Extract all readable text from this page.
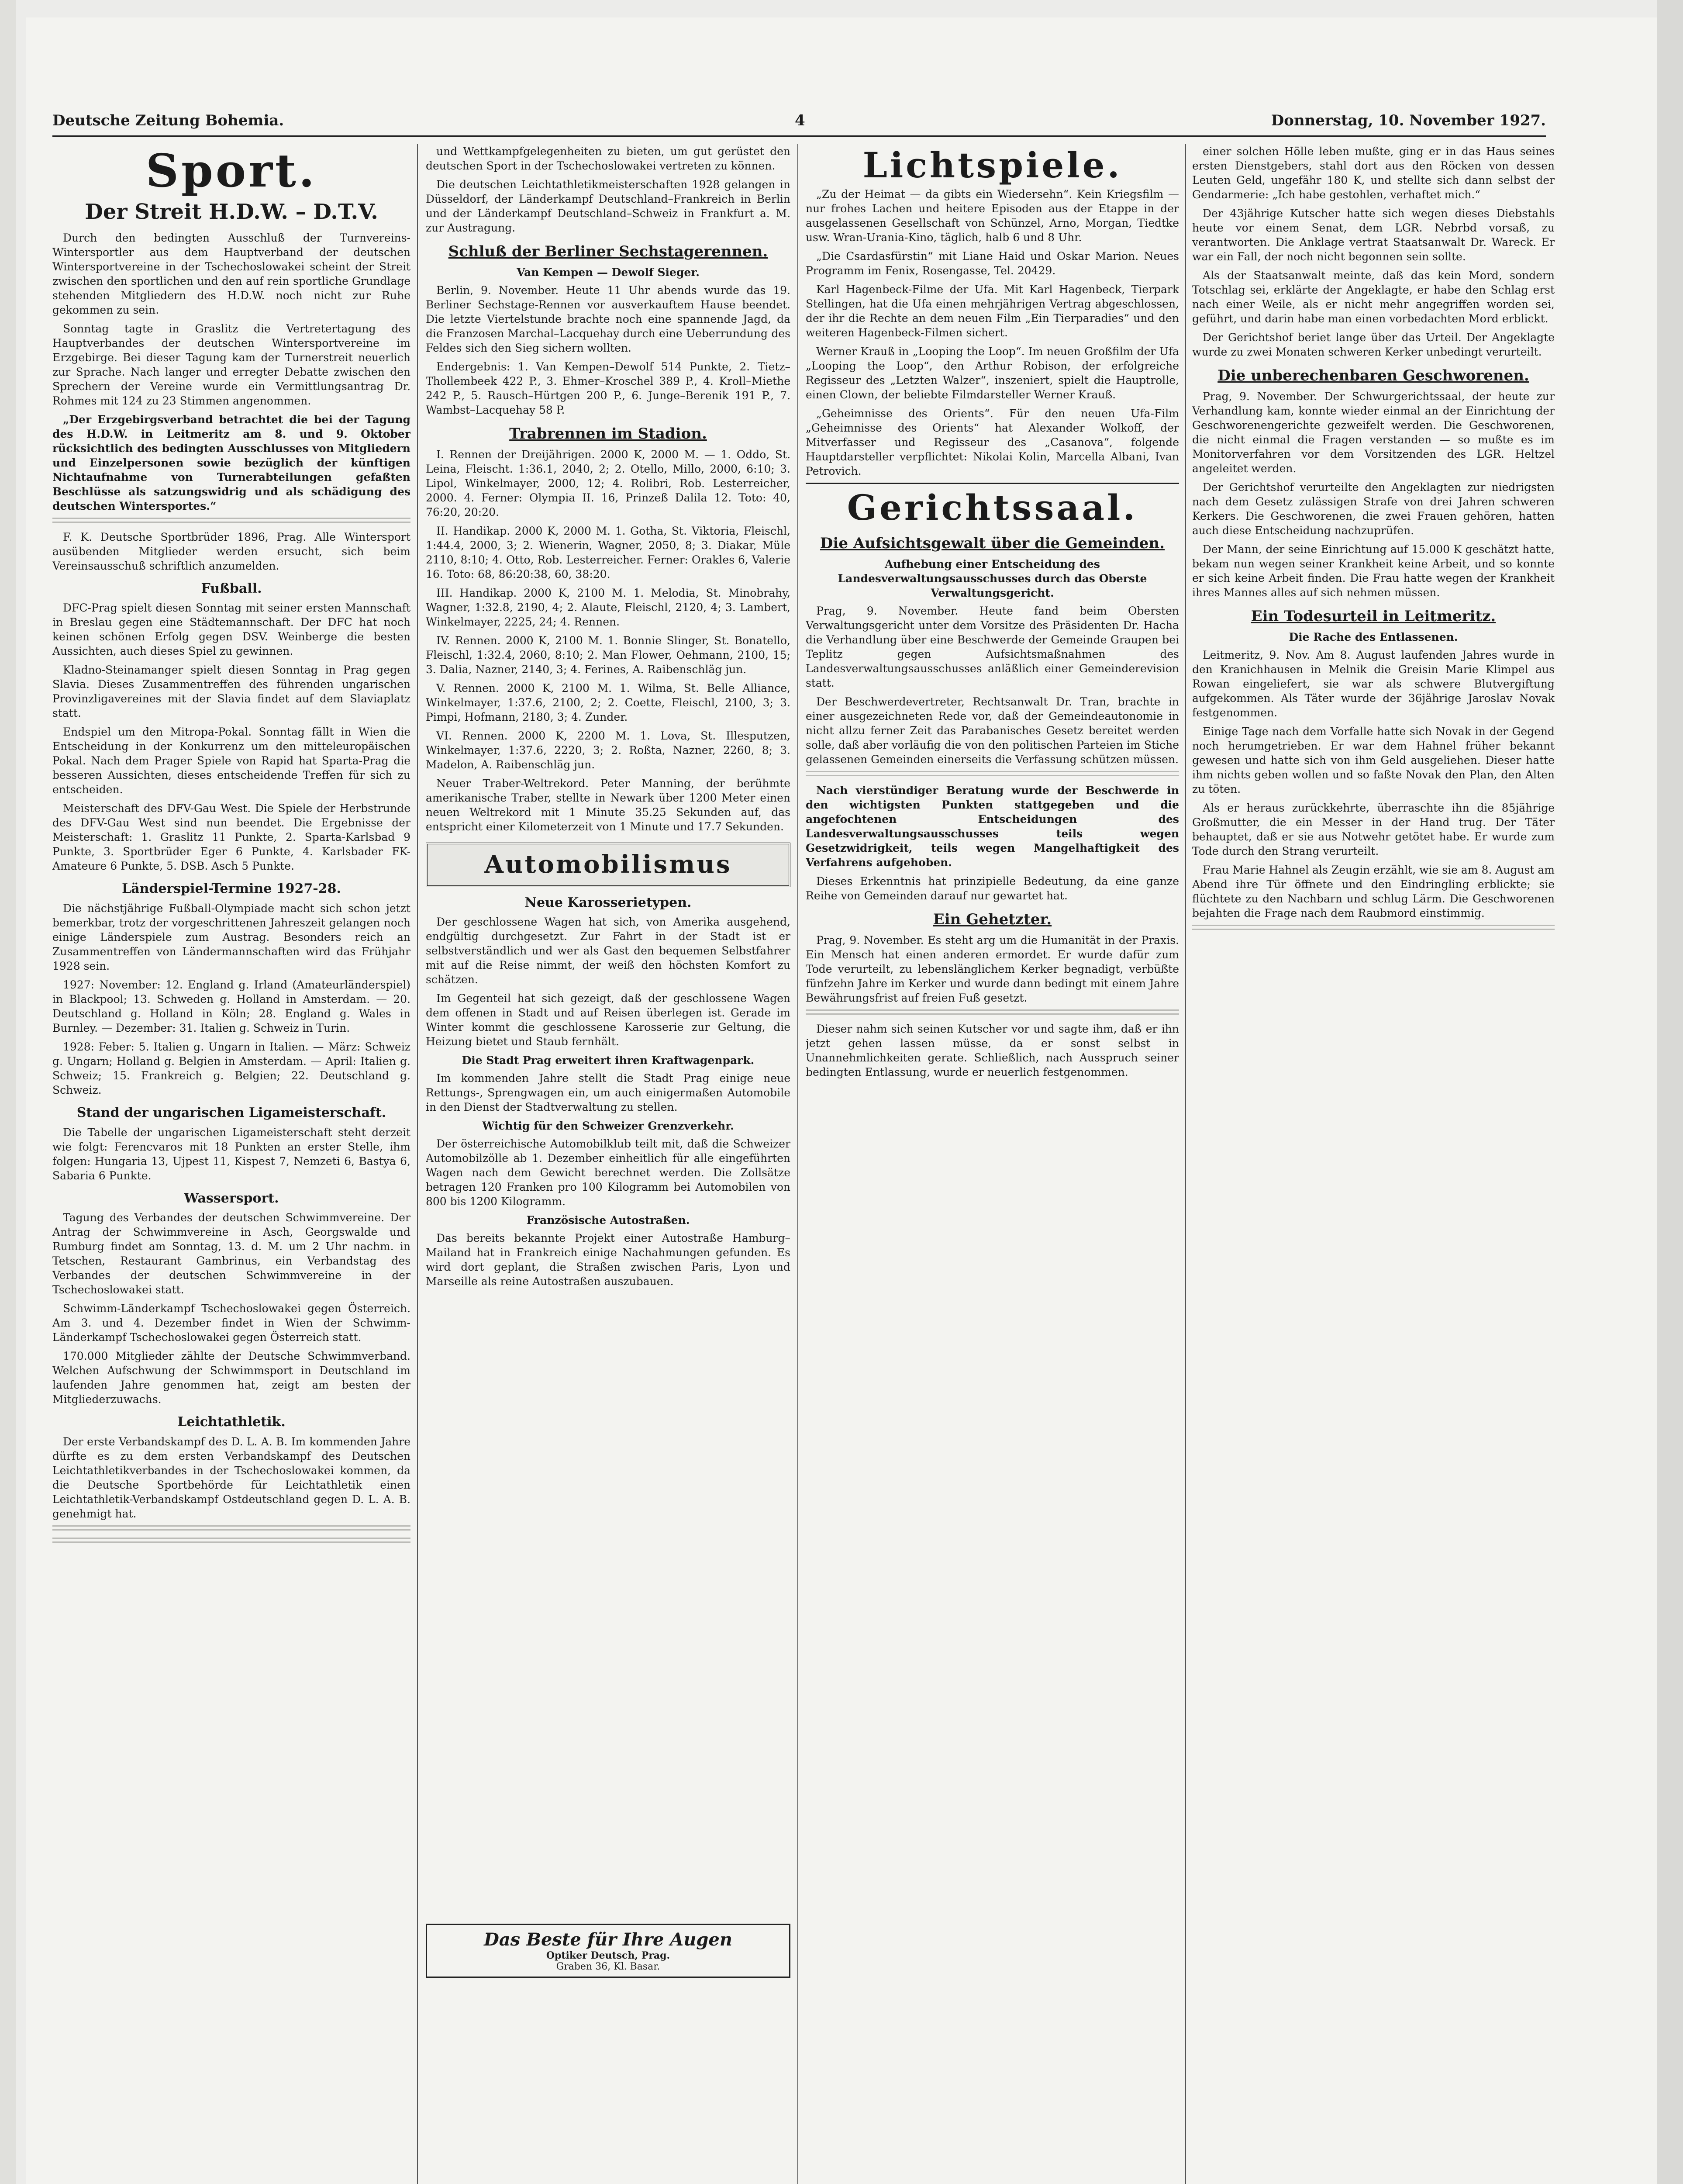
Deutsche Zeitung Bohemia.	4	Donnerstag, 10. November 1927.
Sport.
Der Streit H.D.W. – D.T.V.

Durch den bedingten Ausschluß der Turnvereins-Wintersportler aus dem Hauptverband der deutschen Wintersportvereine in der Tschechoslowakei scheint der Streit zwischen den sportlichen und den auf rein sportliche Grundlage stehenden Mitgliedern des H.D.W. noch nicht zur Ruhe gekommen zu sein.

Sonntag tagte in Graslitz die Vertretertagung des Hauptverbandes der deutschen Wintersportvereine im Erzgebirge. Bei dieser Tagung kam der Turnerstreit neuerlich zur Sprache. Nach langer und erregter Debatte zwischen den Sprechern der Vereine wurde ein Vermittlungsantrag Dr. Rohmes mit 124 zu 23 Stimmen angenommen.

„Der Erzgebirgsverband betrachtet die bei der Tagung des H.D.W. in Leitmeritz am 8. und 9. Oktober rücksichtlich des bedingten Ausschlusses von Mitgliedern und Einzelpersonen sowie bezüglich der künftigen Nichtaufnahme von Turnerabteilungen gefaßten Beschlüsse als satzungswidrig und als schädigung des deutschen Wintersportes.“

F. K. Deutsche Sportbrüder 1896, Prag. Alle Wintersport ausübenden Mitglieder werden ersucht, sich beim Vereinsausschuß schriftlich anzumelden.

Fußball.

DFC-Prag spielt diesen Sonntag mit seiner ersten Mannschaft in Breslau gegen eine Städtemannschaft. Der DFC hat noch keinen schönen Erfolg gegen DSV. Weinberge die besten Aussichten, auch dieses Spiel zu gewinnen.

Kladno-Steinamanger spielt diesen Sonntag in Prag gegen Slavia. Dieses Zusammentreffen des führenden ungarischen Provinzligavereines mit der Slavia findet auf dem Slaviaplatz statt.

Endspiel um den Mitropa-Pokal. Sonntag fällt in Wien die Entscheidung in der Konkurrenz um den mitteleuropäischen Pokal. Nach dem Prager Spiele von Rapid hat Sparta-Prag die besseren Aussichten, dieses entscheidende Treffen für sich zu entscheiden.

Meisterschaft des DFV-Gau West. Die Spiele der Herbstrunde des DFV-Gau West sind nun beendet. Die Ergebnisse der Meisterschaft: 1. Graslitz 11 Punkte, 2. Sparta-Karlsbad 9 Punkte, 3. Sportbrüder Eger 6 Punkte, 4. Karlsbader FK-Amateure 6 Punkte, 5. DSB. Asch 5 Punkte.

Länderspiel-Termine 1927-28.

Die nächstjährige Fußball-Olympiade macht sich schon jetzt bemerkbar, trotz der vorgeschrittenen Jahreszeit gelangen noch einige Länderspiele zum Austrag. Besonders reich an Zusammentreffen von Ländermannschaften wird das Frühjahr 1928 sein.

1927: November: 12. England g. Irland (Amateurländerspiel) in Blackpool; 13. Schweden g. Holland in Amsterdam. — 20. Deutschland g. Holland in Köln; 28. England g. Wales in Burnley. — Dezember: 31. Italien g. Schweiz in Turin.

1928: Feber: 5. Italien g. Ungarn in Italien. — März: Schweiz g. Ungarn; Holland g. Belgien in Amsterdam. — April: Italien g. Schweiz; 15. Frankreich g. Belgien; 22. Deutschland g. Schweiz.

Stand der ungarischen Ligameisterschaft.

Die Tabelle der ungarischen Ligameisterschaft steht derzeit wie folgt: Ferencvaros mit 18 Punkten an erster Stelle, ihm folgen: Hungaria 13, Ujpest 11, Kispest 7, Nemzeti 6, Bastya 6, Sabaria 6 Punkte.

Wassersport.

Tagung des Verbandes der deutschen Schwimmvereine. Der Antrag der Schwimmvereine in Asch, Georgswalde und Rumburg findet am Sonntag, 13. d. M. um 2 Uhr nachm. in Tetschen, Restaurant Gambrinus, ein Verbandstag des Verbandes der deutschen Schwimmvereine in der Tschechoslowakei statt.

Schwimm-Länderkampf Tschechoslowakei gegen Österreich. Am 3. und 4. Dezember findet in Wien der Schwimm-Länderkampf Tschechoslowakei gegen Österreich statt.

170.000 Mitglieder zählte der Deutsche Schwimmverband. Welchen Aufschwung der Schwimmsport in Deutschland im laufenden Jahre genommen hat, zeigt am besten der Mitgliederzuwachs.

Leichtathletik.

Der erste Verbandskampf des D. L. A. B. Im kommenden Jahre dürfte es zu dem ersten Verbandskampf des Deutschen Leichtathletikverbandes in der Tschechoslowakei kommen, da die Deutsche Sportbehörde für Leichtathletik einen Leichtathletik-Verbandskampf Ostdeutschland gegen D. L. A. B. genehmigt hat.

und Wettkampfgelegenheiten zu bieten, um gut gerüstet den deutschen Sport in der Tschechoslowakei vertreten zu können.

Die deutschen Leichtathletikmeisterschaften 1928 gelangen in Düsseldorf, der Länderkampf Deutschland–Frankreich in Berlin und der Länderkampf Deutschland–Schweiz in Frankfurt a. M. zur Austragung.

Schluß der Berliner Sechstagerennen.
Van Kempen — Dewolf Sieger.

Berlin, 9. November. Heute 11 Uhr abends wurde das 19. Berliner Sechstage-Rennen vor ausverkauftem Hause beendet. Die letzte Viertelstunde brachte noch eine spannende Jagd, da die Franzosen Marchal–Lacquehay durch eine Ueberrundung des Feldes sich den Sieg sichern wollten.

Endergebnis: 1. Van Kempen–Dewolf 514 Punkte, 2. Tietz–Thollembeek 422 P., 3. Ehmer–Kroschel 389 P., 4. Kroll–Miethe 242 P., 5. Rausch–Hürtgen 200 P., 6. Junge–Berenik 191 P., 7. Wambst–Lacquehay 58 P.

Trabrennen im Stadion.

I. Rennen der Dreijährigen. 2000 K, 2000 M. — 1. Oddo, St. Leina, Fleischt. 1:36.1, 2040, 2; 2. Otello, Millo, 2000, 6:10; 3. Lipol, Winkelmayer, 2000, 12; 4. Rolibri, Rob. Lesterreicher, 2000. 4. Ferner: Olympia II. 16, Prinzeß Dalila 12. Toto: 40, 76:20, 20:20.

II. Handikap. 2000 K, 2000 M. 1. Gotha, St. Viktoria, Fleischl, 1:44.4, 2000, 3; 2. Wienerin, Wagner, 2050, 8; 3. Diakar, Müle 2110, 8:10; 4. Otto, Rob. Lesterreicher. Ferner: Orakles 6, Valerie 16. Toto: 68, 86:20:38, 60, 38:20.

III. Handikap. 2000 K, 2100 M. 1. Melodia, St. Minobrahy, Wagner, 1:32.8, 2190, 4; 2. Alaute, Fleischl, 2120, 4; 3. Lambert, Winkelmayer, 2225, 24; 4. Rennen.

IV. Rennen. 2000 K, 2100 M. 1. Bonnie Slinger, St. Bonatello, Fleischl, 1:32.4, 2060, 8:10; 2. Man Flower, Oehmann, 2100, 15; 3. Dalia, Nazner, 2140, 3; 4. Ferines, A. Raibenschläg jun.

V. Rennen. 2000 K, 2100 M. 1. Wilma, St. Belle Alliance, Winkelmayer, 1:37.6, 2100, 2; 2. Coette, Fleischl, 2100, 3; 3. Pimpi, Hofmann, 2180, 3; 4. Zunder.

VI. Rennen. 2000 K, 2200 M. 1. Lova, St. Illesputzen, Winkelmayer, 1:37.6, 2220, 3; 2. Roßta, Nazner, 2260, 8; 3. Madelon, A. Raibenschläg jun.

Neuer Traber-Weltrekord. Peter Manning, der berühmte amerikanische Traber, stellte in Newark über 1200 Meter einen neuen Weltrekord mit 1 Minute 35.25 Sekunden auf, das entspricht einer Kilometerzeit von 1 Minute und 17.7 Sekunden.

Automobilismus
Neue Karosserietypen.

Der geschlossene Wagen hat sich, von Amerika ausgehend, endgültig durchgesetzt. Zur Fahrt in der Stadt ist er selbstverständlich und wer als Gast den bequemen Selbstfahrer mit auf die Reise nimmt, der weiß den höchsten Komfort zu schätzen.

Im Gegenteil hat sich gezeigt, daß der geschlossene Wagen dem offenen in Stadt und auf Reisen überlegen ist. Gerade im Winter kommt die geschlossene Karosserie zur Geltung, die Heizung bietet und Staub fernhält.

Die Stadt Prag erweitert ihren Kraftwagenpark.

Im kommenden Jahre stellt die Stadt Prag einige neue Rettungs-, Sprengwagen ein, um auch einigermaßen Automobile in den Dienst der Stadtverwaltung zu stellen.

Wichtig für den Schweizer Grenzverkehr.

Der österreichische Automobilklub teilt mit, daß die Schweizer Automobilzölle ab 1. Dezember einheitlich für alle eingeführten Wagen nach dem Gewicht berechnet werden. Die Zollsätze betragen 120 Franken pro 100 Kilogramm bei Automobilen von 800 bis 1200 Kilogramm.

Französische Autostraßen.

Das bereits bekannte Projekt einer Autostraße Hamburg–Mailand hat in Frankreich einige Nachahmungen gefunden. Es wird dort geplant, die Straßen zwischen Paris, Lyon und Marseille als reine Autostraßen auszubauen.

Das Beste für Ihre Augen
Optiker Deutsch, Prag.
Graben 36, Kl. Basar.
Lichtspiele.

„Zu der Heimat — da gibts ein Wiedersehn“. Kein Kriegsfilm — nur frohes Lachen und heitere Episoden aus der Etappe in der ausgelassenen Gesellschaft von Schünzel, Arno, Morgan, Tiedtke usw. Wran-Urania-Kino, täglich, halb 6 und 8 Uhr.

„Die Csardasfürstin“ mit Liane Haid und Oskar Marion. Neues Programm im Fenix, Rosengasse, Tel. 20429.

Karl Hagenbeck-Filme der Ufa. Mit Karl Hagenbeck, Tierpark Stellingen, hat die Ufa einen mehrjährigen Vertrag abgeschlossen, der ihr die Rechte an dem neuen Film „Ein Tierparadies“ und den weiteren Hagenbeck-Filmen sichert.

Werner Krauß in „Looping the Loop“. Im neuen Großfilm der Ufa „Looping the Loop“, den Arthur Robison, der erfolgreiche Regisseur des „Letzten Walzer“, inszeniert, spielt die Hauptrolle, einen Clown, der beliebte Filmdarsteller Werner Krauß.

„Geheimnisse des Orients“. Für den neuen Ufa-Film „Geheimnisse des Orients“ hat Alexander Wolkoff, der Mitverfasser und Regisseur des „Casanova“, folgende Hauptdarsteller verpflichtet: Nikolai Kolin, Marcella Albani, Ivan Petrovich.

Gerichtssaal.
Die Aufsichtsgewalt über die Gemeinden.
Aufhebung einer Entscheidung des Landesverwaltungsausschusses durch das Oberste Verwaltungsgericht.

Prag, 9. November. Heute fand beim Obersten Verwaltungsgericht unter dem Vorsitze des Präsidenten Dr. Hacha die Verhandlung über eine Beschwerde der Gemeinde Graupen bei Teplitz gegen Aufsichtsmaßnahmen des Landesverwaltungsausschusses anläßlich einer Gemeinderevision statt.

Der Beschwerdevertreter, Rechtsanwalt Dr. Tran, brachte in einer ausgezeichneten Rede vor, daß der Gemeindeautonomie in nicht allzu ferner Zeit das Parabanisches Gesetz bereitet werden solle, daß aber vorläufig die von den politischen Parteien im Stiche gelassenen Gemeinden einerseits die Verfassung schützen müssen.

Nach vierstündiger Beratung wurde der Beschwerde in den wichtigsten Punkten stattgegeben und die angefochtenen Entscheidungen des Landesverwaltungsausschusses teils wegen Gesetzwidrigkeit, teils wegen Mangelhaftigkeit des Verfahrens aufgehoben.

Dieses Erkenntnis hat prinzipielle Bedeutung, da eine ganze Reihe von Gemeinden darauf nur gewartet hat.

Ein Gehetzter.

Prag, 9. November. Es steht arg um die Humanität in der Praxis. Ein Mensch hat einen anderen ermordet. Er wurde dafür zum Tode verurteilt, zu lebenslänglichem Kerker begnadigt, verbüßte fünfzehn Jahre im Kerker und wurde dann bedingt mit einem Jahre Bewährungsfrist auf freien Fuß gesetzt.

Dieser nahm sich seinen Kutscher vor und sagte ihm, daß er ihn jetzt gehen lassen müsse, da er sonst selbst in Unannehmlichkeiten gerate. Schließlich, nach Ausspruch seiner bedingten Entlassung, wurde er neuerlich festgenommen.

einer solchen Hölle leben mußte, ging er in das Haus seines ersten Dienstgebers, stahl dort aus den Röcken von dessen Leuten Geld, ungefähr 180 K, und stellte sich dann selbst der Gendarmerie: „Ich habe gestohlen, verhaftet mich.“

Der 43jährige Kutscher hatte sich wegen dieses Diebstahls heute vor einem Senat, dem LGR. Nebrbd vorsaß, zu verantworten. Die Anklage vertrat Staatsanwalt Dr. Wareck. Er war ein Fall, der noch nicht begonnen sein sollte.

Als der Staatsanwalt meinte, daß das kein Mord, sondern Totschlag sei, erklärte der Angeklagte, er habe den Schlag erst nach einer Weile, als er nicht mehr angegriffen worden sei, geführt, und darin habe man einen vorbedachten Mord erblickt.

Der Gerichtshof beriet lange über das Urteil. Der Angeklagte wurde zu zwei Monaten schweren Kerker unbedingt verurteilt.

Die unberechenbaren Geschworenen.

Prag, 9. November. Der Schwurgerichtssaal, der heute zur Verhandlung kam, konnte wieder einmal an der Einrichtung der Geschworenengerichte gezweifelt werden. Die Geschworenen, die nicht einmal die Fragen verstanden — so mußte es im Monitorverfahren vor dem Vorsitzenden des LGR. Heltzel angeleitet werden.

Der Gerichtshof verurteilte den Angeklagten zur niedrigsten nach dem Gesetz zulässigen Strafe von drei Jahren schweren Kerkers. Die Geschworenen, die zwei Frauen gehören, hatten auch diese Entscheidung nachzuprüfen.

Der Mann, der seine Einrichtung auf 15.000 K geschätzt hatte, bekam nun wegen seiner Krankheit keine Arbeit, und so konnte er sich keine Arbeit finden. Die Frau hatte wegen der Krankheit ihres Mannes alles auf sich nehmen müssen.

Ein Todesurteil in Leitmeritz.
Die Rache des Entlassenen.

Leitmeritz, 9. Nov. Am 8. August laufenden Jahres wurde in den Kranichhausen in Melnik die Greisin Marie Klimpel aus Rowan eingeliefert, sie war als schwere Blutvergiftung aufgekommen. Als Täter wurde der 36jährige Jaroslav Novak festgenommen.

Einige Tage nach dem Vorfalle hatte sich Novak in der Gegend noch herumgetrieben. Er war dem Hahnel früher bekannt gewesen und hatte sich von ihm Geld ausgeliehen. Dieser hatte ihm nichts geben wollen und so faßte Novak den Plan, den Alten zu töten.

Als er heraus zurückkehrte, überraschte ihn die 85jährige Großmutter, die ein Messer in der Hand trug. Der Täter behauptet, daß er sie aus Notwehr getötet habe. Er wurde zum Tode durch den Strang verurteilt.

Frau Marie Hahnel als Zeugin erzählt, wie sie am 8. August am Abend ihre Tür öffnete und den Eindringling erblickte; sie flüchtete zu den Nachbarn und schlug Lärm. Die Geschworenen bejahten die Frage nach dem Raubmord einstimmig.
